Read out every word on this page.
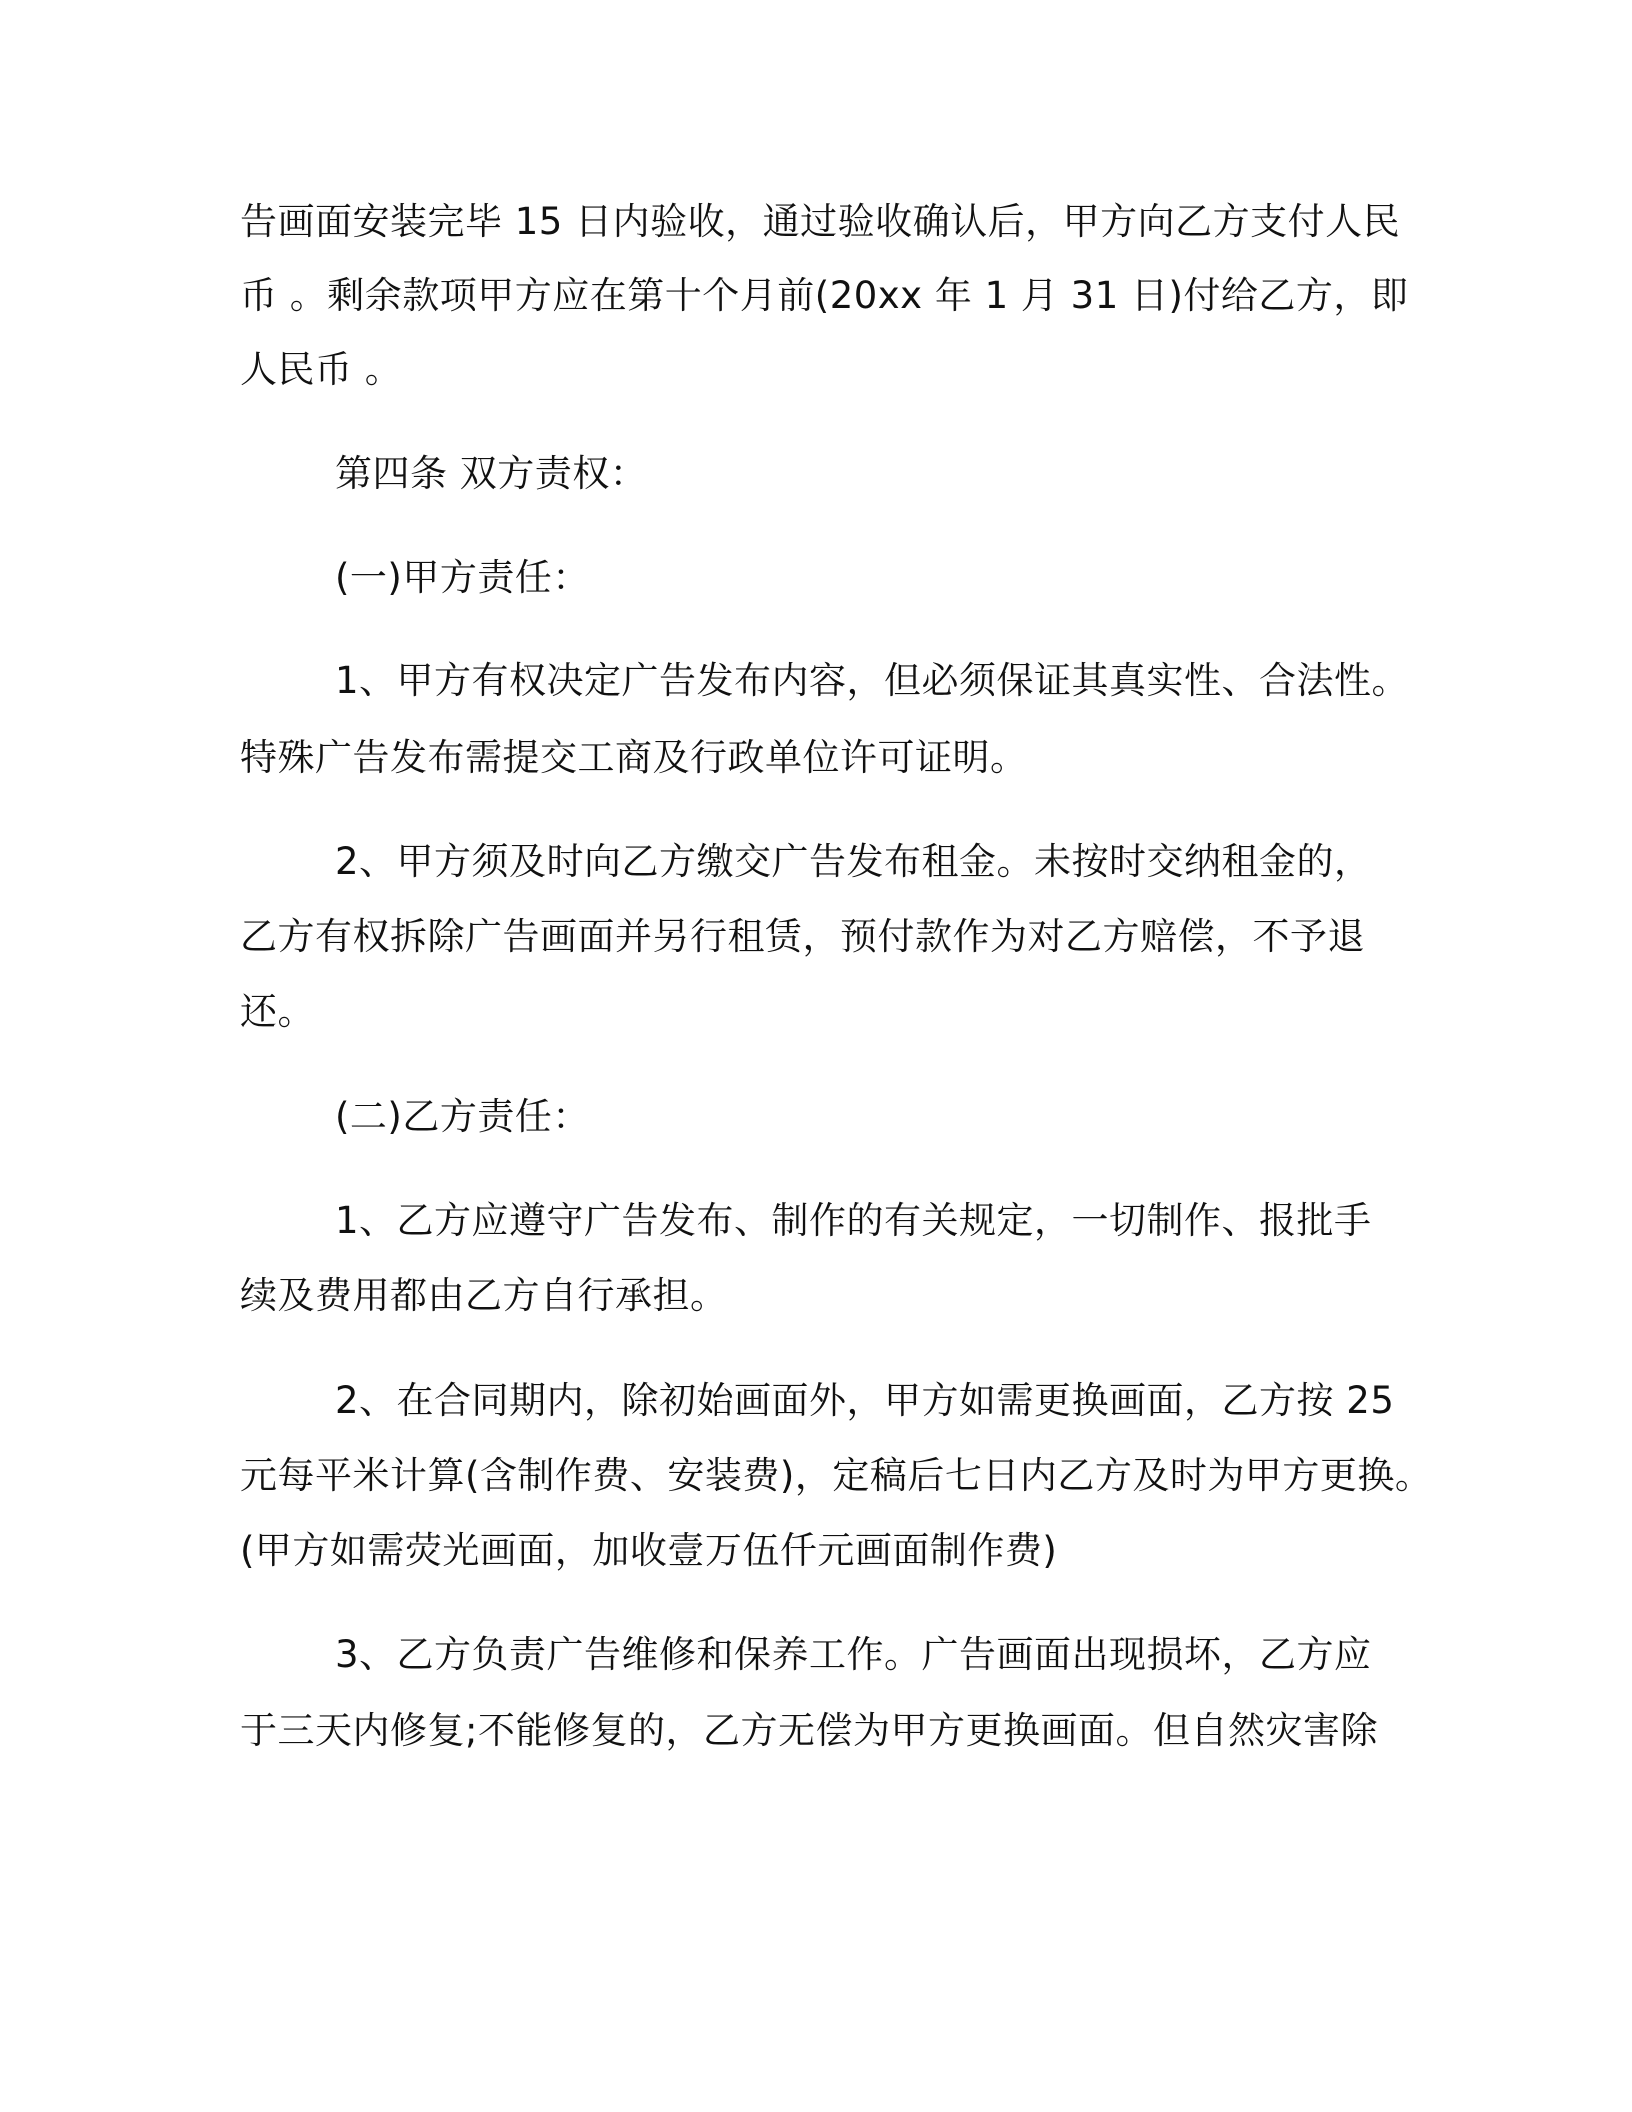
告画面安装完毕 15 日内验收，通过验收确认后，甲方向乙方支付人民
币 。剩余款项甲方应在第十个月前(20xx 年 1 月 31 日)付给乙方，即
人民币 。
第四条 双方责权：
(一)甲方责任：
1、甲方有权决定广告发布内容，但必须保证其真实性、合法性。
特殊广告发布需提交工商及行政单位许可证明。
2、甲方须及时向乙方缴交广告发布租金。未按时交纳租金的，
乙方有权拆除广告画面并另行租赁，预付款作为对乙方赔偿，不予退
还。
(二)乙方责任：
1、乙方应遵守广告发布、制作的有关规定，一切制作、报批手
续及费用都由乙方自行承担。
2、在合同期内，除初始画面外，甲方如需更换画面，乙方按 25
元每平米计算(含制作费、安装费)，定稿后七日内乙方及时为甲方更换。
(甲方如需荧光画面，加收壹万伍仟元画面制作费)
3、乙方负责广告维修和保养工作。广告画面出现损坏，乙方应
于三天内修复;不能修复的，乙方无偿为甲方更换画面。但自然灾害除
